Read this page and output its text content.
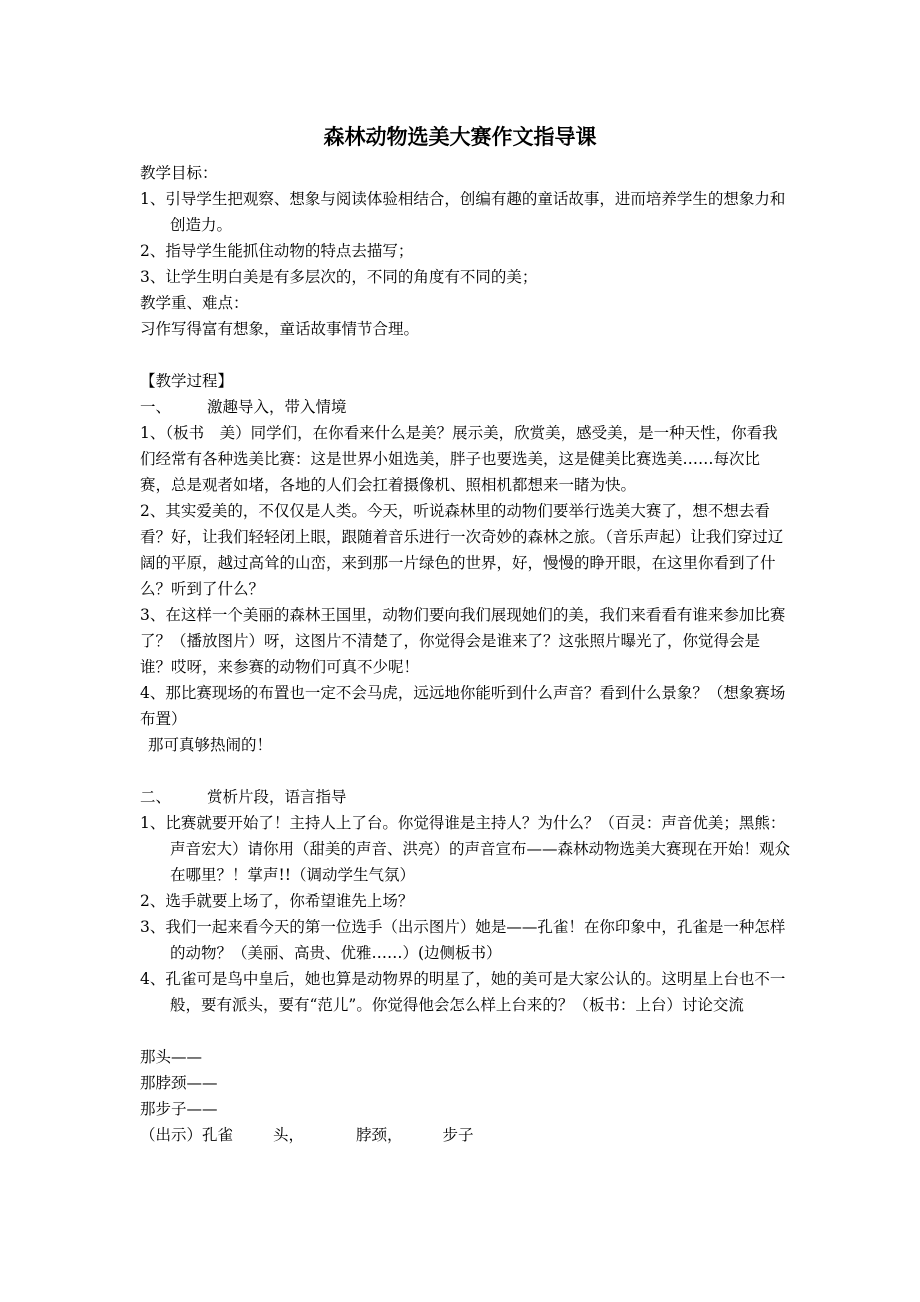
森林动物选美大赛作文指导课

教学目标：

1、引导学生把观察、想象与阅读体验相结合，创编有趣的童话故事，进而培养学生的想象力和创造力。

2、指导学生能抓住动物的特点去描写；

3、让学生明白美是有多层次的，不同的角度有不同的美；

教学重、难点：

习作写得富有想象，童话故事情节合理。

【教学过程】

一、 激趣导入，带入情境

1、（板书　美）同学们，在你看来什么是美？展示美，欣赏美，感受美，是一种天性，你看我们经常有各种选美比赛：这是世界小姐选美，胖子也要选美，这是健美比赛选美……每次比赛，总是观者如堵，各地的人们会扛着摄像机、照相机都想来一睹为快。

2、其实爱美的，不仅仅是人类。今天，听说森林里的动物们要举行选美大赛了，想不想去看看？好，让我们轻轻闭上眼，跟随着音乐进行一次奇妙的森林之旅。（音乐声起）让我们穿过辽阔的平原，越过高耸的山峦，来到那一片绿色的世界，好，慢慢的睁开眼，在这里你看到了什么？听到了什么？

3、在这样一个美丽的森林王国里，动物们要向我们展现她们的美，我们来看看有谁来参加比赛了？（播放图片）呀，这图片不清楚了，你觉得会是谁来了？这张照片曝光了，你觉得会是谁？哎呀，来参赛的动物们可真不少呢！

4、那比赛现场的布置也一定不会马虎，远远地你能听到什么声音？看到什么景象？（想象赛场布置）

那可真够热闹的！

二、 赏析片段，语言指导

1、比赛就要开始了！主持人上了台。你觉得谁是主持人？为什么？（百灵：声音优美；黑熊：声音宏大）请你用（甜美的声音、洪亮）的声音宣布——森林动物选美大赛现在开始！观众在哪里？！掌声!!（调动学生气氛）

2、选手就要上场了，你希望谁先上场？

3、我们一起来看今天的第一位选手（出示图片）她是——孔雀！在你印象中，孔雀是一种怎样的动物？（美丽、高贵、优雅……）(边侧板书）

4、孔雀可是鸟中皇后，她也算是动物界的明星了，她的美可是大家公认的。这明星上台也不一般，要有派头，要有“范儿”。你觉得他会怎么样上台来的？（板书：上台）讨论交流

那头——

那脖颈——

那步子——

（出示）孔雀	头，	脖颈，	步子
